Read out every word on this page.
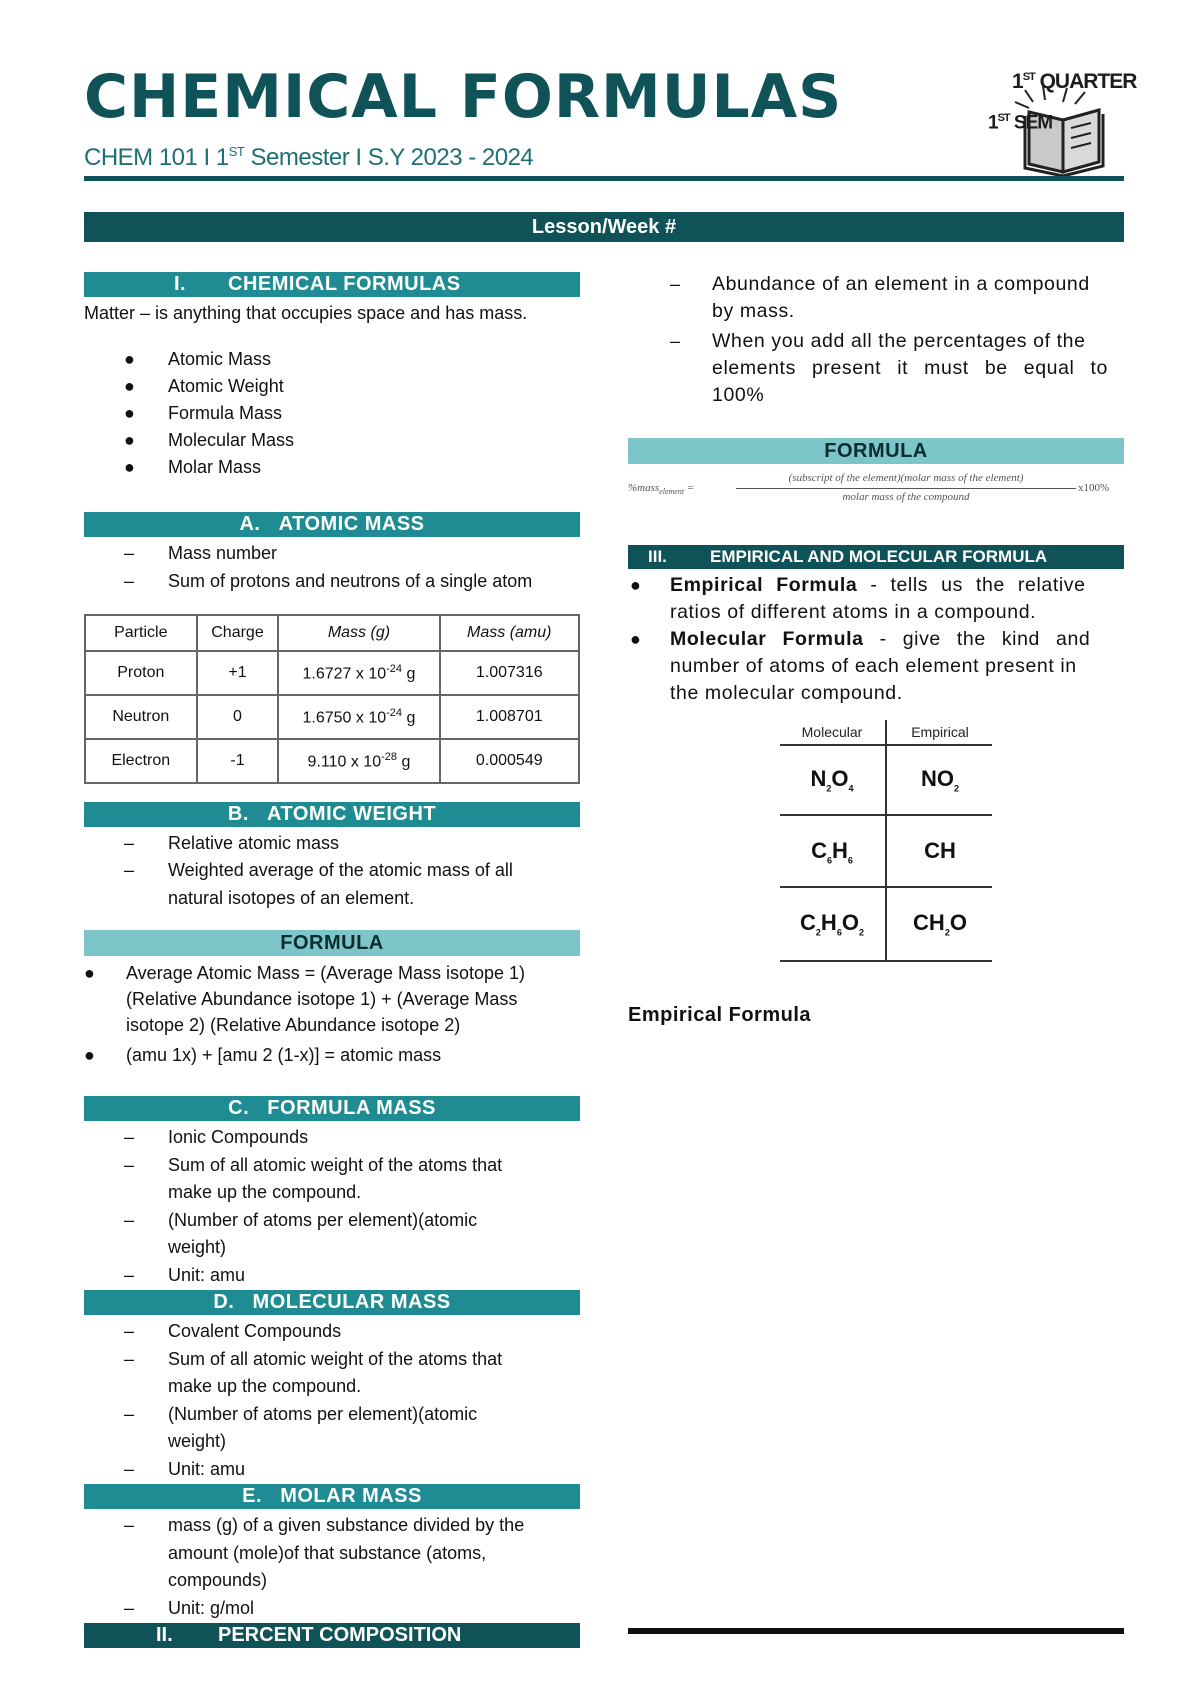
CHEMICAL FORMULAS
CHEM 101 I 1ST Semester I S.Y 2023 - 2024
1ST QUARTER
1ST SEM
Lesson/Week #
I. CHEMICAL FORMULAS
Matter – is anything that occupies space and has mass.
● Atomic Mass
● Atomic Weight
● Formula Mass
● Molecular Mass
● Molar Mass
A. ATOMIC MASS
– Mass number
– Sum of protons and neutrons of a single atom
Particle	Charge	Mass (g)	Mass (amu)
Proton	+1	1.6727 x $10^{-24}$ g	1.007316
Neutron	0	1.6750 x $10^{-24}$ g	1.008701
Electron	-1	9.110 x $10^{-28}$ g	0.000549
B. ATOMIC WEIGHT
– Relative atomic mass
– Weighted average of the atomic mass of all
natural isotopes of an element.
FORMULA
● Average Atomic Mass = (Average Mass isotope 1)
(Relative Abundance isotope 1) + (Average Mass
isotope 2) (Relative Abundance isotope 2)
● (amu 1x) + [amu 2 (1-x)] = atomic mass
C. FORMULA MASS
– Ionic Compounds
– Sum of all atomic weight of the atoms that
make up the compound.
– (Number of atoms per element)(atomic
weight)
– Unit: amu
D. MOLECULAR MASS
– Covalent Compounds
– Sum of all atomic weight of the atoms that
make up the compound.
– (Number of atoms per element)(atomic
weight)
– Unit: amu
E. MOLAR MASS
– mass (g) of a given substance divided by the
amount (mole)of that substance (atoms,
compounds)
– Unit: g/mol
II. PERCENT COMPOSITION
– Abundance of an element in a compound
by mass.
– When you add all the percentages of the
elements present it must be equal to
100%
FORMULA
%mass$_{element}$ =
(subscript of the element)(molar mass of the element)
molar mass of the compound
x100%
III.	EMPIRICAL AND MOLECULAR FORMULA
● Empirical Formula - tells us the relative
ratios of different atoms in a compound.
● Molecular Formula - give the kind and
number of atoms of each element present in
the molecular compound.
Molecular	Empirical
$N_2O_4$	$NO_2$
$C_6H_6$	CH
$C_2H_6O_2$	$CH_2O$
Empirical Formula
